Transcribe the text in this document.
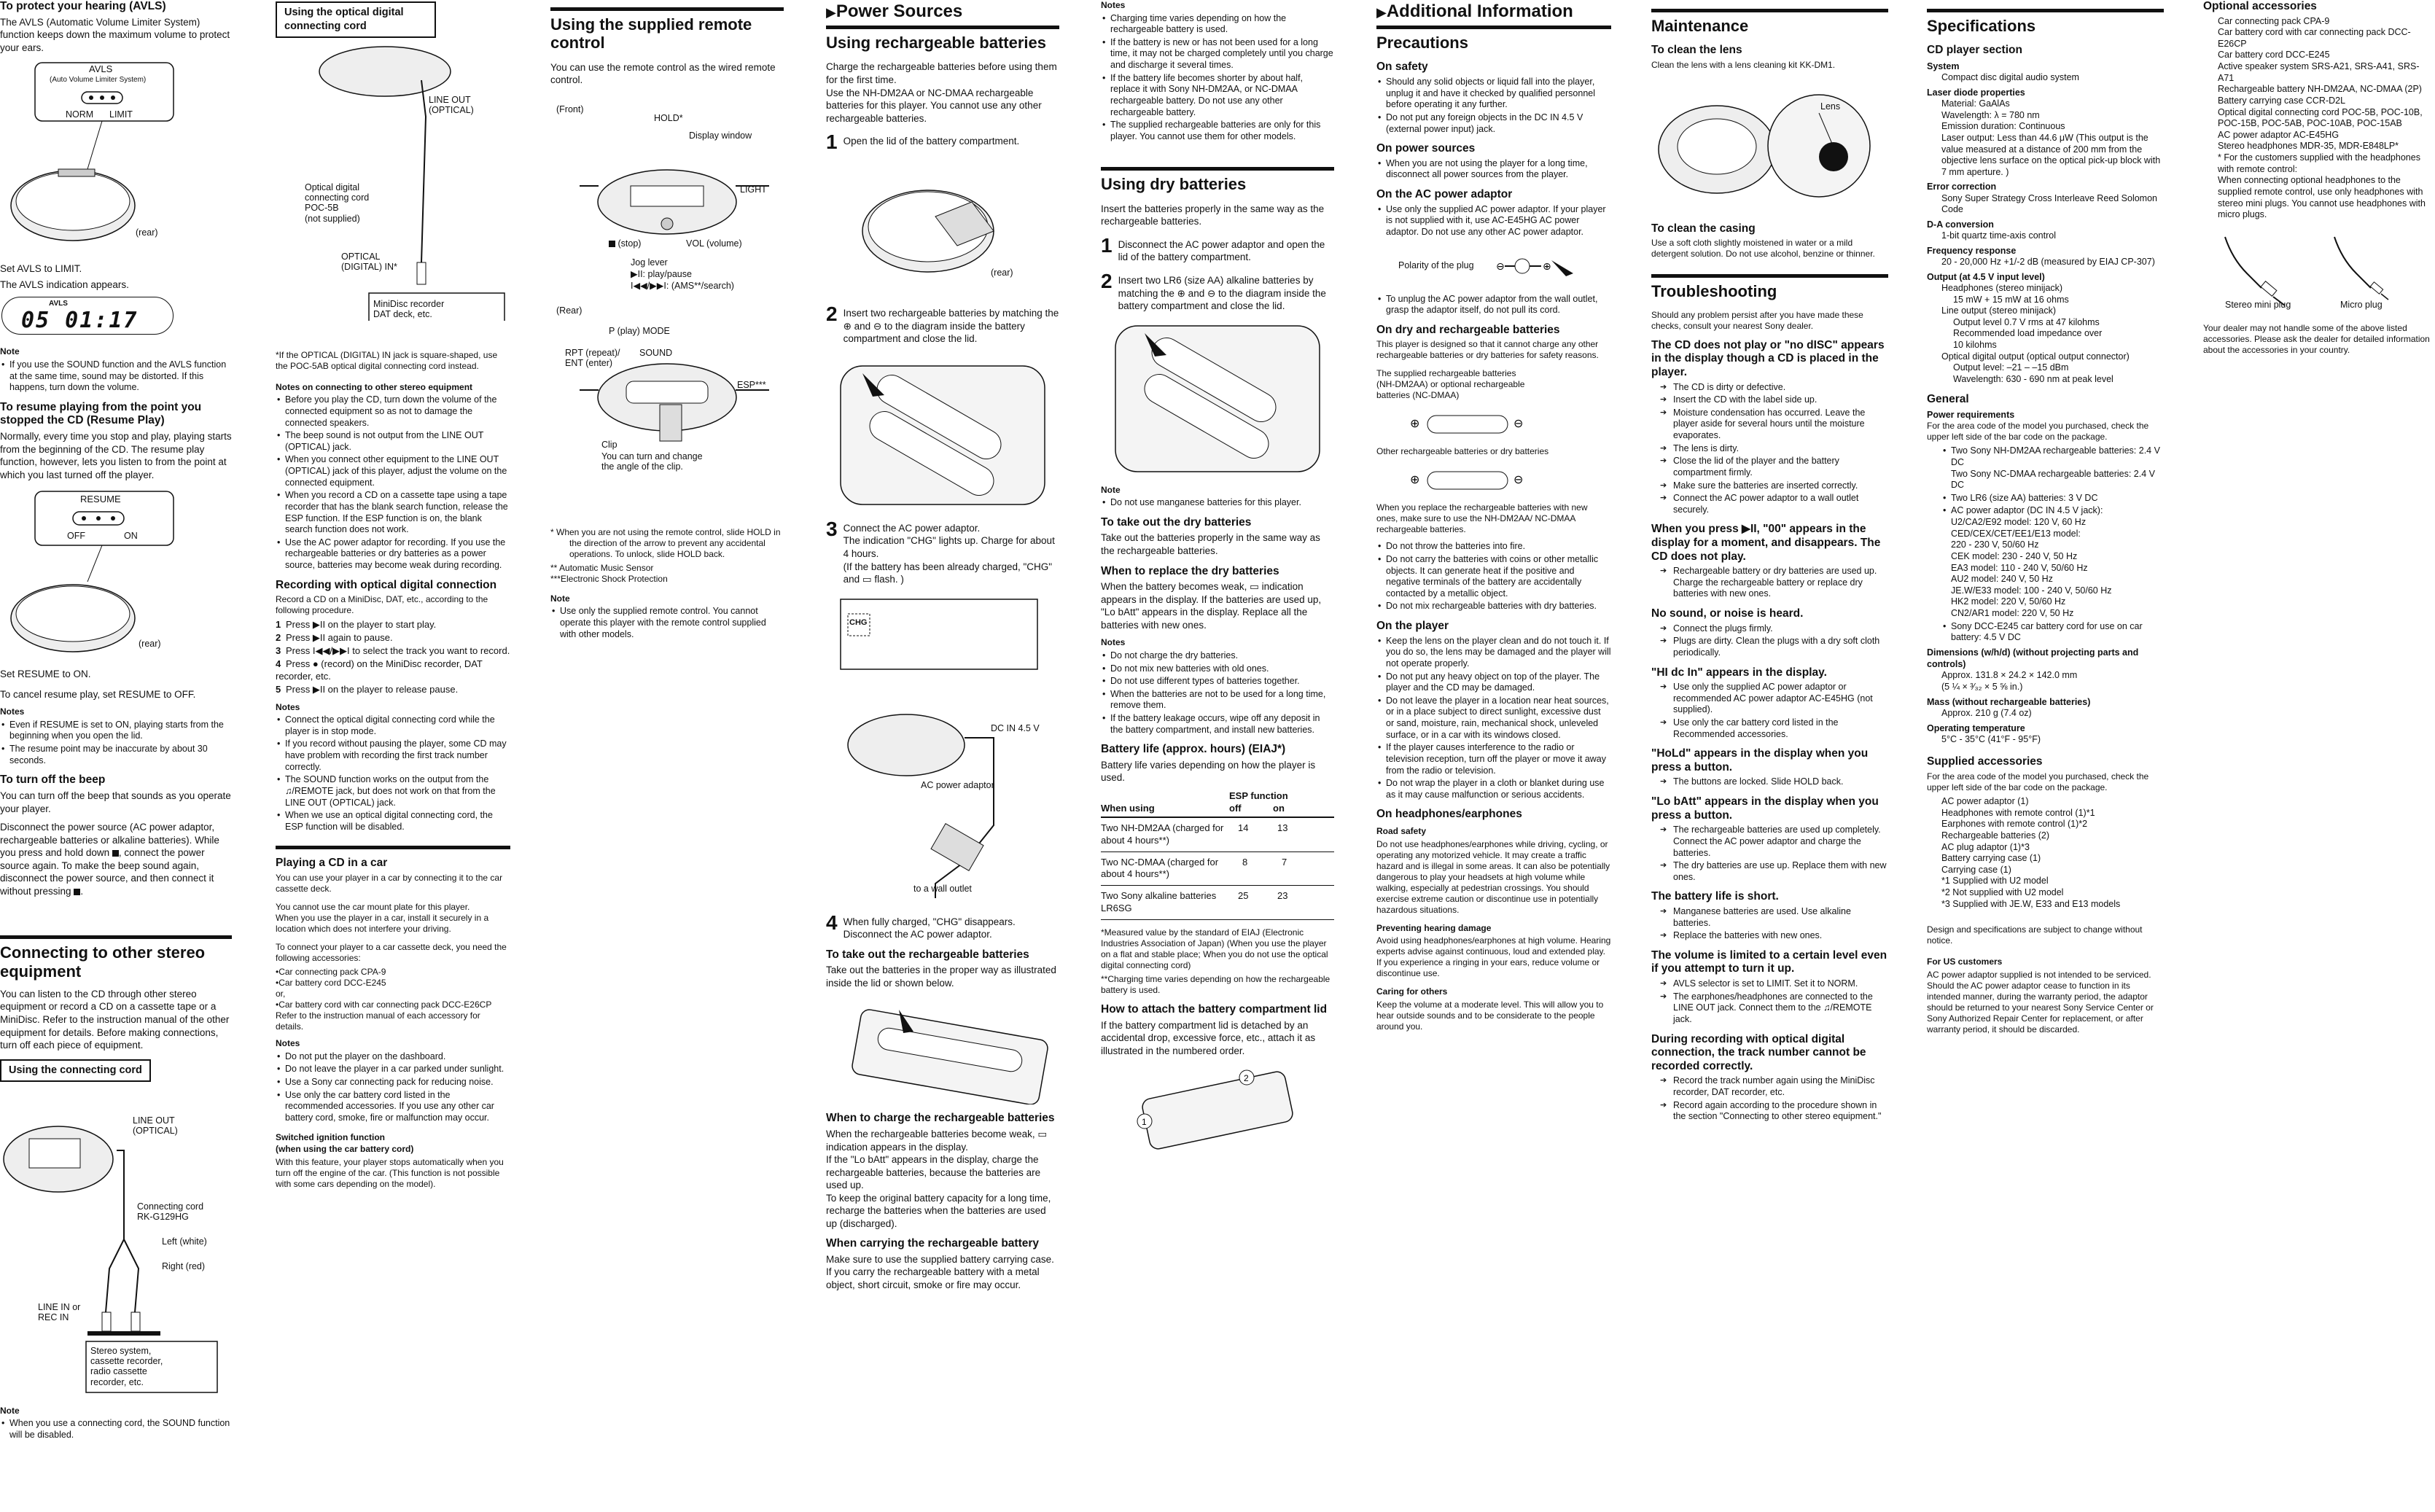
To protect your hearing (AVLS)

The AVLS (Automatic Volume Limiter System) function keeps down the maximum volume to protect your ears.

AVLS
(Auto Volume Limiter System)
NORM LIMIT
(rear)

Set AVLS to LIMIT.

The AVLS indication appears.

AVLS
05 01:17
Note
• If you use the SOUND function and the AVLS function at the same time, sound may be distorted. If this happens, turn down the volume.
To resume playing from the point you stopped the CD (Resume Play)

Normally, every time you stop and play, playing starts from the beginning of the CD. The resume play function, however, lets you listen to from the point at which you last turned off the player.

RESUME
OFF	ON
(rear)

Set RESUME to ON.

To cancel resume play, set RESUME to OFF.

Notes
• Even if RESUME is set to ON, playing starts from the beginning when you open the lid.
• The resume point may be inaccurate by about 30 seconds.
To turn off the beep

You can turn off the beep that sounds as you operate your player.

Disconnect the power source (AC power adaptor, rechargeable batteries or alkaline batteries). While you press and hold down , connect the power source again. To make the beep sound again, disconnect the power source, and then connect it without pressing .

Connecting to other stereo equipment

You can listen to the CD through other stereo equipment or record a CD on a cassette tape or a MiniDisc. Refer to the instruction manual of the other equipment for details. Before making connections, turn off each piece of equipment.

Using the connecting cord
LINE OUT
(OPTICAL)
Connecting cord
RK-G129HG
Left (white)
Right (red)
LINE IN or
REC IN
Stereo system,
cassette recorder,
radio cassette
recorder, etc.
Note
• When you use a connecting cord, the SOUND function will be disabled.
Using the optical digital connecting cord
LINE OUT
(OPTICAL)
Optical digital
connecting cord
POC-5B
(not supplied)
OPTICAL
(DIGITAL) IN*
MiniDisc recorder
DAT deck, etc.

*If the OPTICAL (DIGITAL) IN jack is square-shaped, use the POC-5AB optical digital connecting cord instead.

Notes on connecting to other stereo equipment
• Before you play the CD, turn down the volume of the connected equipment so as not to damage the connected speakers.
• The beep sound is not output from the LINE OUT (OPTICAL) jack.
• When you connect other equipment to the LINE OUT (OPTICAL) jack of this player, adjust the volume on the connected equipment.
• When you record a CD on a cassette tape using a tape recorder that has the blank search function, release the ESP function. If the ESP function is on, the blank search function does not work.
• Use the AC power adaptor for recording. If you use the rechargeable batteries or dry batteries as a power source, batteries may become weak during recording.
Recording with optical digital connection

Record a CD on a MiniDisc, DAT, etc., according to the following procedure.

1 Press ▶II on the player to start play.
2 Press ▶II again to pause.
3 Press I◀◀/▶▶I to select the track you want to record.
4 Press ● (record) on the MiniDisc recorder, DAT recorder, etc.
5 Press ▶II on the player to release pause.
Notes
• Connect the optical digital connecting cord while the player is in stop mode.
• If you record without pausing the player, some CD may have problem with recording the first track number correctly.
• The SOUND function works on the output from the ♫/REMOTE jack, but does not work on that from the LINE OUT (OPTICAL) jack.
• When we use an optical digital connecting cord, the ESP function will be disabled.
Playing a CD in a car

You can use your player in a car by connecting it to the car cassette deck.

You cannot use the car mount plate for this player.
When you use the player in a car, install it securely in a location which does not interfere your driving.

To connect your player to a car cassette deck, you need the following accessories:

•Car connecting pack CPA-9

•Car battery cord DCC-E245

or,

•Car battery cord with car connecting pack DCC-E26CP

Refer to the instruction manual of each accessory for details.

Notes
• Do not put the player on the dashboard.
• Do not leave the player in a car parked under sunlight.
• Use a Sony car connecting pack for reducing noise.
• Use only the car battery cord listed in the recommended accessories. If you use any other car battery cord, smoke, fire or malfunction may occur.
Switched ignition function
(when using the car battery cord)

With this feature, your player stops automatically when you turn off the engine of the car. (This function is not possible with some cars depending on the model).

Using the supplied remote control

You can use the remote control as the wired remote control.

(Front)
HOLD*
Display window
LIGHT
(stop)	VOL (volume)
Jog lever
▶II: play/pause
I◀◀/▶▶I: (AMS**/search)
(Rear)
P (play) MODE
RPT (repeat)/
ENT (enter)
SOUND
ESP***
Clip
You can turn and change
the angle of the clip.

* When you are not using the remote control, slide HOLD in the direction of the arrow to prevent any accidental operations. To unlock, slide HOLD back.

** Automatic Music Sensor

***Electronic Shock Protection

Note
• Use only the supplied remote control. You cannot operate this player with the remote control supplied with other models.
▶Power Sources
Using rechargeable batteries

Charge the rechargeable batteries before using them for the first time.
Use the NH-DM2AA or NC-DMAA rechargeable batteries for this player. You cannot use any other rechargeable batteries.

1 Open the lid of the battery compartment.
(rear)
2 Insert two rechargeable batteries by matching the ⊕ and ⊖ to the diagram inside the battery compartment and close the lid.
3 Connect the AC power adaptor.
The indication "CHG" lights up. Charge for about 4 hours.
(If the battery has been already charged, "CHG" and ▭ flash. )
CHG
DC IN 4.5 V
AC power adaptor
to a wall outlet
4 When fully charged, "CHG" disappears. Disconnect the AC power adaptor.
To take out the rechargeable batteries

Take out the batteries in the proper way as illustrated inside the lid or shown below.

When to charge the rechargeable batteries

When the rechargeable batteries become weak, ▭ indication appears in the display.
If the "Lo bAtt" appears in the display, charge the rechargeable batteries, because the batteries are used up.
To keep the original battery capacity for a long time, recharge the batteries when the batteries are used up (discharged).

When carrying the rechargeable battery

Make sure to use the supplied battery carrying case.
If you carry the rechargeable battery with a metal object, short circuit, smoke or fire may occur.

Notes
• Charging time varies depending on how the rechargeable battery is used.
• If the battery is new or has not been used for a long time, it may not be charged completely until you charge and discharge it several times.
• If the battery life becomes shorter by about half, replace it with Sony NH-DM2AA, or NC-DMAA rechargeable battery. Do not use any other rechargeable battery.
• The supplied rechargeable batteries are only for this player. You cannot use them for other models.
Using dry batteries

Insert the batteries properly in the same way as the rechargeable batteries.

1 Disconnect the AC power adaptor and open the lid of the battery compartment.
2 Insert two LR6 (size AA) alkaline batteries by matching the ⊕ and ⊖ to the diagram inside the battery compartment and close the lid.
Note
• Do not use manganese batteries for this player.
To take out the dry batteries

Take out the batteries properly in the same way as the rechargeable batteries.

When to replace the dry batteries

When the battery becomes weak, ▭ indication appears in the display. If the batteries are used up, "Lo bAtt" appears in the display. Replace all the batteries with new ones.

Notes
• Do not charge the dry batteries.
• Do not mix new batteries with old ones.
• Do not use different types of batteries together.
• When the batteries are not to be used for a long time, remove them.
• If the battery leakage occurs, wipe off any deposit in the battery compartment, and install new batteries.
Battery life (approx. hours) (EIAJ*)

Battery life varies depending on how the player is used.

When using	ESP function
off on	
Two NH-DM2AA (charged for about 4 hours**)	14	13
Two NC-DMAA (charged for about 4 hours**)	8	7
Two Sony alkaline batteries LR6SG	25	23

*Measured value by the standard of EIAJ (Electronic Industries Association of Japan) (When you use the player on a flat and stable place; When you do not use the optical digital connecting cord)

**Charging time varies depending on how the rechargeable battery is used.

How to attach the battery compartment lid

If the battery compartment lid is detached by an accidental drop, excessive force, etc., attach it as illustrated in the numbered order.

1
2
▶Additional Information
Precautions
On safety
• Should any solid objects or liquid fall into the player, unplug it and have it checked by qualified personnel before operating it any further.
• Do not put any foreign objects in the DC IN 4.5 V (external power input) jack.
On power sources
• When you are not using the player for a long time, disconnect all power sources from the player.
On the AC power adaptor
• Use only the supplied AC power adaptor. If your player is not supplied with it, use AC-E45HG AC power adaptor. Do not use any other AC power adaptor.
⊖	⊕
Polarity of the plug
• To unplug the AC power adaptor from the wall outlet, grasp the adaptor itself, do not pull its cord.
On dry and rechargeable batteries

This player is designed so that it cannot charge any other rechargeable batteries or dry batteries for safety reasons.

The supplied rechargeable batteries
(NH-DM2AA) or optional rechargeable
batteries (NC-DMAA)

⊕	⊖

Other rechargeable batteries or dry batteries

⊕	⊖

When you replace the rechargeable batteries with new ones, make sure to use the NH-DM2AA/ NC-DMAA rechargeable batteries.

• Do not throw the batteries into fire.
• Do not carry the batteries with coins or other metallic objects. It can generate heat if the positive and negative terminals of the battery are accidentally contacted by a metallic object.
• Do not mix rechargeable batteries with dry batteries.
On the player
• Keep the lens on the player clean and do not touch it. If you do so, the lens may be damaged and the player will not operate properly.
• Do not put any heavy object on top of the player. The player and the CD may be damaged.
• Do not leave the player in a location near heat sources, or in a place subject to direct sunlight, excessive dust or sand, moisture, rain, mechanical shock, unleveled surface, or in a car with its windows closed.
• If the player causes interference to the radio or television reception, turn off the player or move it away from the radio or television.
• Do not wrap the player in a cloth or blanket during use as it may cause malfunction or serious accidents.
On headphones/earphones
Road safety

Do not use headphones/earphones while driving, cycling, or operating any motorized vehicle. It may create a traffic hazard and is illegal in some areas. It can also be potentially dangerous to play your headsets at high volume while walking, especially at pedestrian crossings. You should exercise extreme caution or discontinue use in potentially hazardous situations.

Preventing hearing damage

Avoid using headphones/earphones at high volume. Hearing experts advise against continuous, loud and extended play. If you experience a ringing in your ears, reduce volume or discontinue use.

Caring for others

Keep the volume at a moderate level. This will allow you to hear outside sounds and to be considerate to the people around you.

Maintenance
To clean the lens

Clean the lens with a lens cleaning kit KK-DM1.

Lens
To clean the casing

Use a soft cloth slightly moistened in water or a mild detergent solution. Do not use alcohol, benzine or thinner.

Troubleshooting

Should any problem persist after you have made these checks, consult your nearest Sony dealer.

The CD does not play or "no dISC" appears in the display though a CD is placed in the player.
➔ The CD is dirty or defective.
➔ Insert the CD with the label side up.
➔ Moisture condensation has occurred. Leave the player aside for several hours until the moisture evaporates.
➔ The lens is dirty.
➔ Close the lid of the player and the battery compartment firmly.
➔ Make sure the batteries are inserted correctly.
➔ Connect the AC power adaptor to a wall outlet securely.
When you press ▶II, "00" appears in the display for a moment, and disappears. The CD does not play.
➔ Rechargeable battery or dry batteries are used up. Charge the rechargeable battery or replace dry batteries with new ones.
No sound, or noise is heard.
➔ Connect the plugs firmly.
➔ Plugs are dirty. Clean the plugs with a dry soft cloth periodically.
"HI dc In" appears in the display.
➔ Use only the supplied AC power adaptor or recommended AC power adaptor AC-E45HG (not supplied).
➔ Use only the car battery cord listed in the Recommended accessories.
"HoLd" appears in the display when you press a button.
➔ The buttons are locked. Slide HOLD back.
"Lo bAtt" appears in the display when you press a button.
➔ The rechargeable batteries are used up completely. Connect the AC power adaptor and charge the batteries.
➔ The dry batteries are use up. Replace them with new ones.
The battery life is short.
➔ Manganese batteries are used. Use alkaline batteries.
➔ Replace the batteries with new ones.
The volume is limited to a certain level even if you attempt to turn it up.
➔ AVLS selector is set to LIMIT. Set it to NORM.
➔ The earphones/headphones are connected to the LINE OUT jack. Connect them to the ♫/REMOTE jack.
During recording with optical digital connection, the track number cannot be recorded correctly.
➔ Record the track number again using the MiniDisc recorder, DAT recorder, etc.
➔ Record again according to the procedure shown in the section "Connecting to other stereo equipment."
Specifications
CD player section
System
Compact disc digital audio system
Laser diode properties
Material: GaAlAs
Wavelength: λ = 780 nm
Emission duration: Continuous
Laser output: Less than 44.6 μW (This output is the value measured at a distance of 200 mm from the objective lens surface on the optical pick-up block with 7 mm aperture. )
Error correction
Sony Super Strategy Cross Interleave Reed Solomon Code
D-A conversion
1-bit quartz time-axis control
Frequency response
20 - 20,000 Hz +1/-2 dB (measured by EIAJ CP-307)
Output (at 4.5 V input level)
Headphones (stereo minijack)
15 mW + 15 mW at 16 ohms
Line output (stereo minijack)
Output level 0.7 V rms at 47 kilohms
Recommended load impedance over
10 kilohms
Optical digital output (optical output connector)
Output level: –21 – –15 dBm
Wavelength: 630 - 690 nm at peak level
General
Power requirements

For the area code of the model you purchased, check the upper left side of the bar code on the package.

• Two Sony NH-DM2AA rechargeable batteries: 2.4 V DC
Two Sony NC-DMAA rechargeable batteries: 2.4 V DC
• Two LR6 (size AA) batteries: 3 V DC
• AC power adaptor (DC IN 4.5 V jack):
U2/CA2/E92 model: 120 V, 60 Hz
CED/CEX/CET/EE1/E13 model:
220 - 230 V, 50/60 Hz
CEK model: 230 - 240 V, 50 Hz
EA3 model: 110 - 240 V, 50/60 Hz
AU2 model: 240 V, 50 Hz
JE.W/E33 model: 100 - 240 V, 50/60 Hz
HK2 model: 220 V, 50/60 Hz
CN2/AR1 model: 220 V, 50 Hz
• Sony DCC-E245 car battery cord for use on car battery: 4.5 V DC
Dimensions (w/h/d) (without projecting parts and controls)
Approx. 131.8 × 24.2 × 142.0 mm
(5 ¼ × ³⁄₃₂ × 5 ⅝ in.)
Mass (without rechargeable batteries)
Approx. 210 g (7.4 oz)
Operating temperature
5°C - 35°C (41°F - 95°F)
Supplied accessories

For the area code of the model you purchased, check the upper left side of the bar code on the package.

AC power adaptor (1)
Headphones with remote control (1)*1
Earphones with remote control (1)*2
Rechargeable batteries (2)
AC plug adaptor (1)*3
Battery carrying case (1)
Carrying case (1)
*1 Supplied with U2 model
*2 Not supplied with U2 model
*3 Supplied with JE.W, E33 and E13 models

Design and specifications are subject to change without notice.

For US customers

AC power adaptor supplied is not intended to be serviced. Should the AC power adaptor cease to function in its intended manner, during the warranty period, the adaptor should be returned to your nearest Sony Service Center or Sony Authorized Repair Center for replacement, or after warranty period, it should be discarded.

Optional accessories
Car connecting pack CPA-9
Car battery cord with car connecting pack DCC-E26CP
Car battery cord DCC-E245
Active speaker system SRS-A21, SRS-A41, SRS-A71
Rechargeable battery NH-DM2AA, NC-DMAA (2P)
Battery carrying case CCR-D2L
Optical digital connecting cord POC-5B, POC-10B, POC-15B, POC-5AB, POC-10AB, POC-15AB
AC power adaptor AC-E45HG
Stereo headphones MDR-35, MDR-E848LP*
* For the customers supplied with the headphones with remote control:
When connecting optional headphones to the supplied remote control, use only headphones with stereo mini plugs. You cannot use headphones with micro plugs.
Stereo mini plug	Micro plug

Your dealer may not handle some of the above listed accessories. Please ask the dealer for detailed information about the accessories in your country.
